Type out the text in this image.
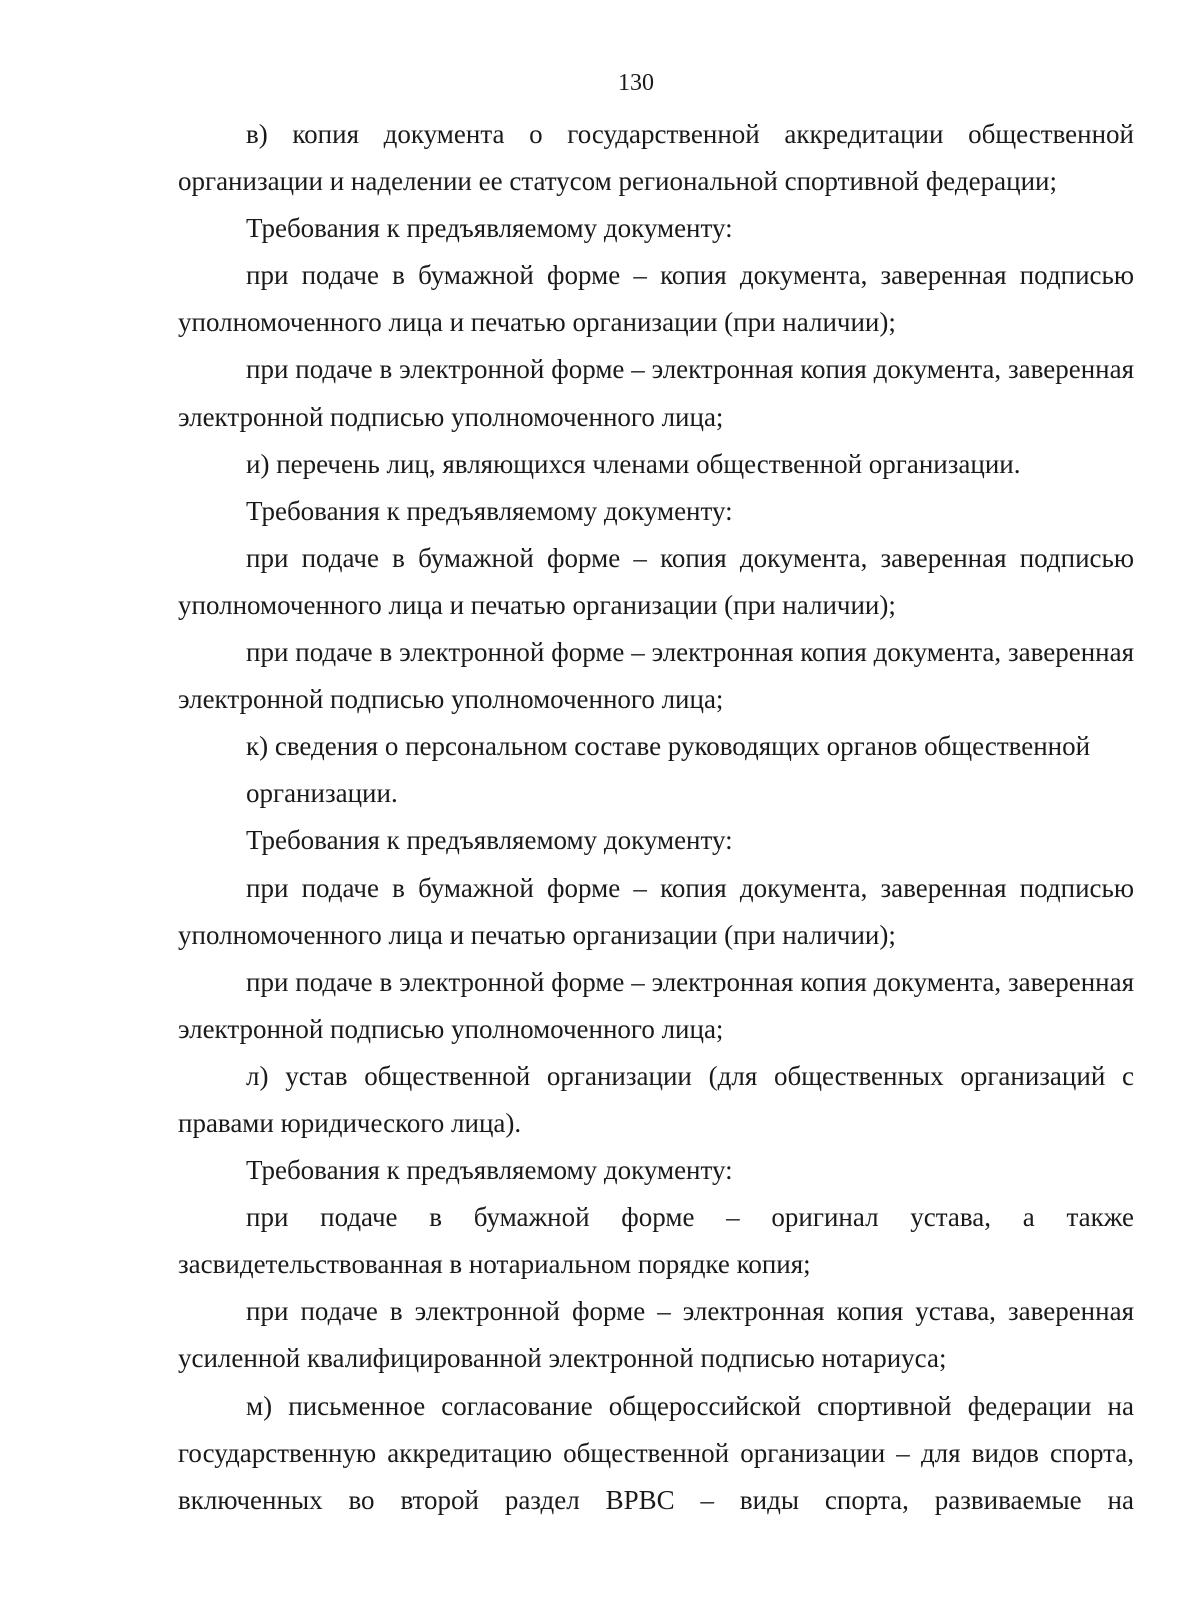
130

в) копия документа о государственной аккредитации общественной организации и наделении ее статусом региональной спортивной федерации;

Требования к предъявляемому документу:

при подаче в бумажной форме – копия документа, заверенная подписью уполномоченного лица и печатью организации (при наличии);

при подаче в электронной форме – электронная копия документа, заверенная электронной подписью уполномоченного лица;

и) перечень лиц, являющихся членами общественной организации.

Требования к предъявляемому документу:

при подаче в бумажной форме – копия документа, заверенная подписью уполномоченного лица и печатью организации (при наличии);

при подаче в электронной форме – электронная копия документа, заверенная электронной подписью уполномоченного лица;

к) сведения о персональном составе руководящих органов общественной организации.

Требования к предъявляемому документу:

при подаче в бумажной форме – копия документа, заверенная подписью уполномоченного лица и печатью организации (при наличии);

при подаче в электронной форме – электронная копия документа, заверенная электронной подписью уполномоченного лица;

л) устав общественной организации (для общественных организаций с правами юридического лица).

Требования к предъявляемому документу:

при подаче в бумажной форме – оригинал устава, а также засвидетельствованная в нотариальном порядке копия;

при подаче в электронной форме – электронная копия устава, заверенная усиленной квалифицированной электронной подписью нотариуса;

м) письменное согласование общероссийской спортивной федерации на государственную аккредитацию общественной организации – для видов спорта, включенных во второй раздел ВРВС – виды спорта, развиваемые на
